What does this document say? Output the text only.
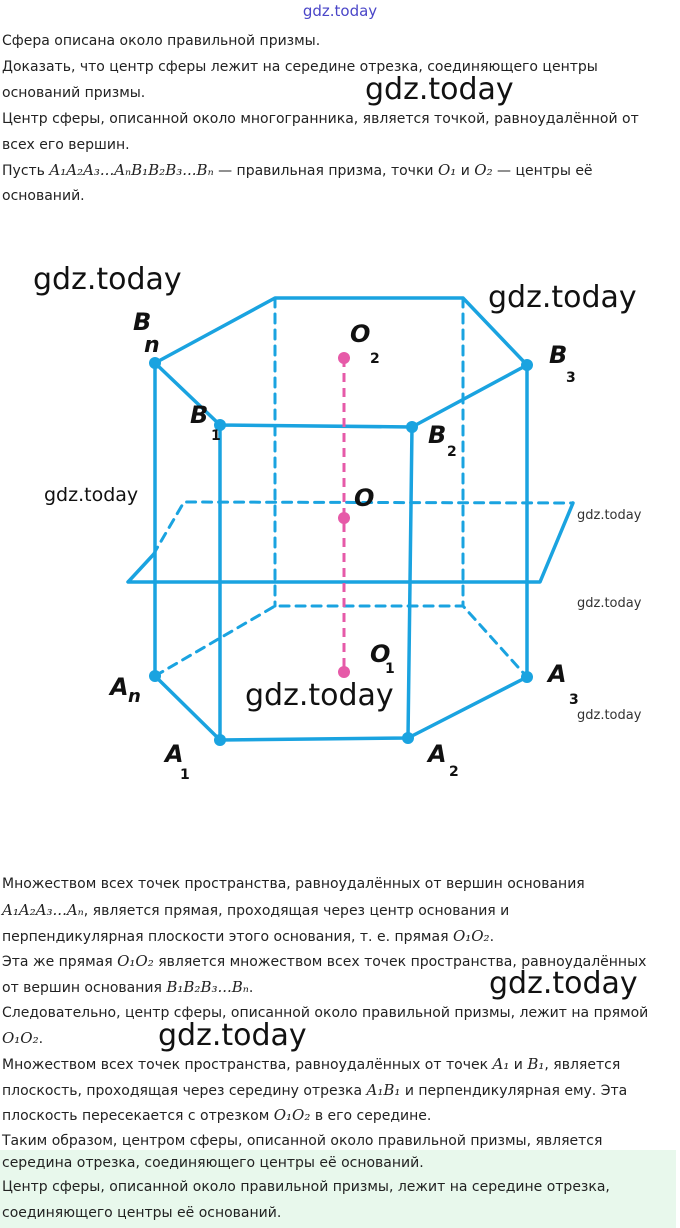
gdz.today

Сфера описана около правильной призмы.

Доказать, что центр сферы лежит на середине отрезка, соединяющего центры

оснований призмы.

Центр сферы, описанной около многогранника, является точкой, равноудалённой от

всех его вершин.

Пусть A₁A₂A₃...AₙB₁B₂B₃...Bₙ — правильная призма, точки O₁ и O₂ — центры её

оснований.

B
n	O
2	B
3
B
1	B
2
O
O
1
A n
A
3
A
1
A
2
gdz.today
gdz.today
gdz.today
gdz.today
gdz.today
gdz.today
gdz.today
gdz.today

Множеством всех точек пространства, равноудалённых от вершин основания

A₁A₂A₃...Aₙ, является прямая, проходящая через центр основания и

перпендикулярная плоскости этого основания, т. е. прямая O₁O₂.

Эта же прямая O₁O₂ является множеством всех точек пространства, равноудалённых

от вершин основания B₁B₂B₃...Bₙ.

Следовательно, центр сферы, описанной около правильной призмы, лежит на прямой

O₁O₂.

Множеством всех точек пространства, равноудалённых от точек A₁ и B₁, является

плоскость, проходящая через середину отрезка A₁B₁ и перпендикулярная ему. Эта

плоскость пересекается с отрезком O₁O₂ в его середине.

Таким образом, центром сферы, описанной около правильной призмы, является

середина отрезка, соединяющего центры её оснований.

Центр сферы, описанной около правильной призмы, лежит на середине отрезка,

соединяющего центры её оснований.

gdz.today
gdz.today
